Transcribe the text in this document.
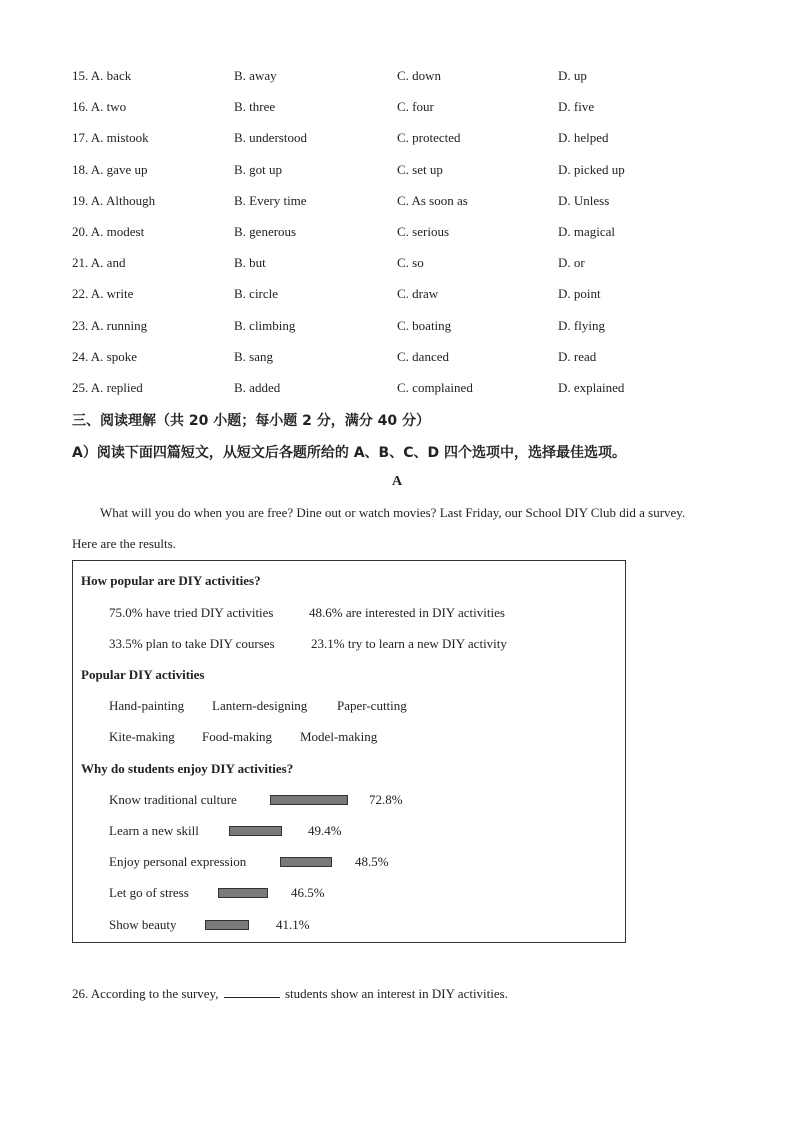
15. A. back	B. away	C. down	D. up
16. A. two	B. three	C. four	D. five
17. A. mistook	B. understood	C. protected	D. helped
18. A. gave up	B. got up	C. set up	D. picked up
19. A. Although	B. Every time	C. As soon as	D. Unless
20. A. modest	B. generous	C. serious	D. magical
21. A. and	B. but	C. so	D. or
22. A. write	B. circle	C. draw	D. point
23. A. running	B. climbing	C. boating	D. flying
24. A. spoke	B. sang	C. danced	D. read
25. A. replied	B. added	C. complained	D. explained
三、阅读理解（共 20 小题；每小题 2 分，满分 40 分）
A）阅读下面四篇短文，从短文后各题所给的 A、B、C、D 四个选项中，选择最佳选项。
A
What will you do when you are free? Dine out or watch movies? Last Friday, our School DIY Club did a survey.
Here are the results.
How popular are DIY activities?
75.0% have tried DIY activities	48.6% are interested in DIY activities
33.5% plan to take DIY courses	23.1% try to learn a new DIY activity
Popular DIY activities
Hand-painting Lantern-designing Paper-cutting
Kite-making Food-making Model-making
Why do students enjoy DIY activities?
Know traditional culture	72.8%
Learn a new skill	49.4%
Enjoy personal expression	48.5%
Let go of stress	46.5%
Show beauty	41.1%
26. According to the survey,	students show an interest in DIY activities.
